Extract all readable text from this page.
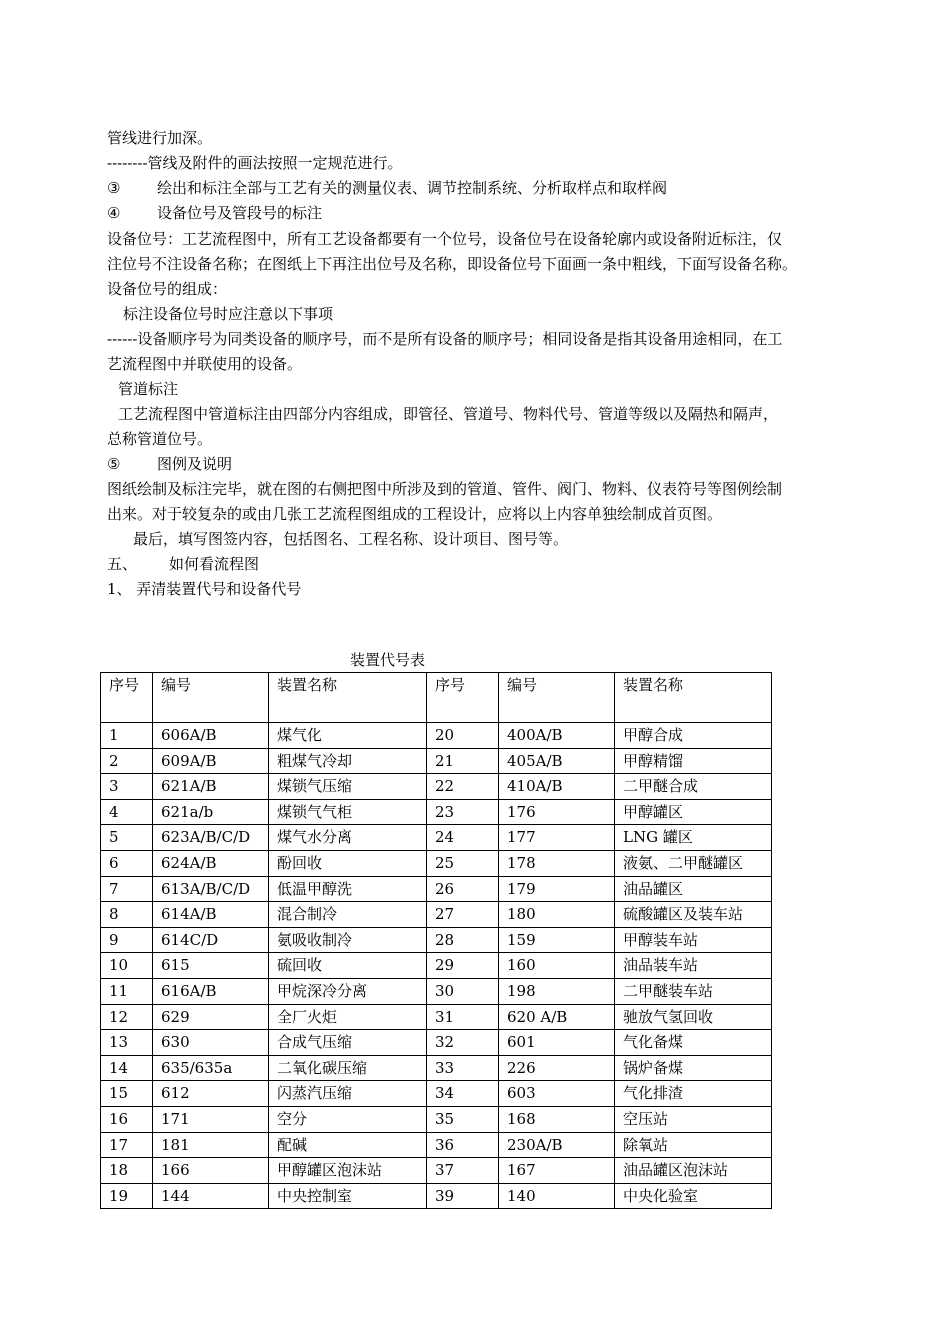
管线进行加深。
--------管线及附件的画法按照一定规范进行。
③ 绘出和标注全部与工艺有关的测量仪表、调节控制系统、分析取样点和取样阀
④ 设备位号及管段号的标注
设备位号：工艺流程图中，所有工艺设备都要有一个位号，设备位号在设备轮廓内或设备附近标注，仅
注位号不注设备名称；在图纸上下再注出位号及名称，即设备位号下面画一条中粗线，下面写设备名称。
设备位号的组成：
标注设备位号时应注意以下事项
------设备顺序号为同类设备的顺序号，而不是所有设备的顺序号；相同设备是指其设备用途相同，在工
艺流程图中并联使用的设备。
管道标注
工艺流程图中管道标注由四部分内容组成，即管径、管道号、物料代号、管道等级以及隔热和隔声，
总称管道位号。
⑤ 图例及说明
图纸绘制及标注完毕，就在图的右侧把图中所涉及到的管道、管件、阀门、物料、仪表符号等图例绘制
出来。对于较复杂的或由几张工艺流程图组成的工程设计，应将以上内容单独绘制成首页图。
最后，填写图签内容，包括图名、工程名称、设计项目、图号等。
五、 如何看流程图
1、 弄清装置代号和设备代号
装置代号表
序号	编号	装置名称	序号	编号	装置名称
1	606A/B	煤气化	20	400A/B	甲醇合成
2	609A/B	粗煤气冷却	21	405A/B	甲醇精馏
3	621A/B	煤锁气压缩	22	410A/B	二甲醚合成
4	621a/b	煤锁气气柜	23	176	甲醇罐区
5	623A/B/C/D	煤气水分离	24	177	LNG 罐区
6	624A/B	酚回收	25	178	液氨、二甲醚罐区
7	613A/B/C/D	低温甲醇洗	26	179	油品罐区
8	614A/B	混合制冷	27	180	硫酸罐区及装车站
9	614C/D	氨吸收制冷	28	159	甲醇装车站
10	615	硫回收	29	160	油品装车站
11	616A/B	甲烷深冷分离	30	198	二甲醚装车站
12	629	全厂火炬	31	620 A/B	驰放气氢回收
13	630	合成气压缩	32	601	气化备煤
14	635/635a	二氧化碳压缩	33	226	锅炉备煤
15	612	闪蒸汽压缩	34	603	气化排渣
16	171	空分	35	168	空压站
17	181	配碱	36	230A/B	除氧站
18	166	甲醇罐区泡沫站	37	167	油品罐区泡沫站
19	144	中央控制室	39	140	中央化验室
